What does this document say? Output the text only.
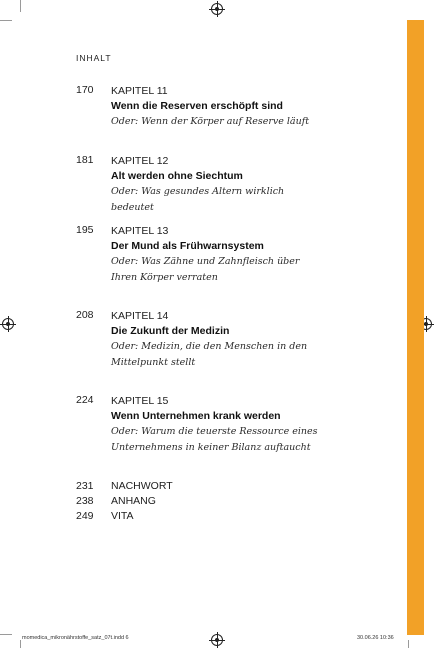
INHALT
170	KAPITEL 11
Wenn die Reserven erschöpft sind
Oder: Wenn der Körper auf Reserve läuft
181	KAPITEL 12
Alt werden ohne Siechtum
Oder: Was gesundes Altern wirklich bedeutet
195	KAPITEL 13
Der Mund als Frühwarnsystem
Oder: Was Zähne und Zahnfleisch über Ihren Körper verraten
208	KAPITEL 14
Die Zukunft der Medizin
Oder: Medizin, die den Menschen in den Mittelpunkt stellt
224	KAPITEL 15
Wenn Unternehmen krank werden
Oder: Warum die teuerste Ressource eines Unternehmens in keiner Bilanz auftaucht
231 NACHWORT
238 ANHANG
249 VITA
momedica_mikronährstoffe_satz_07t.indd 6	30.06.26 10:36
